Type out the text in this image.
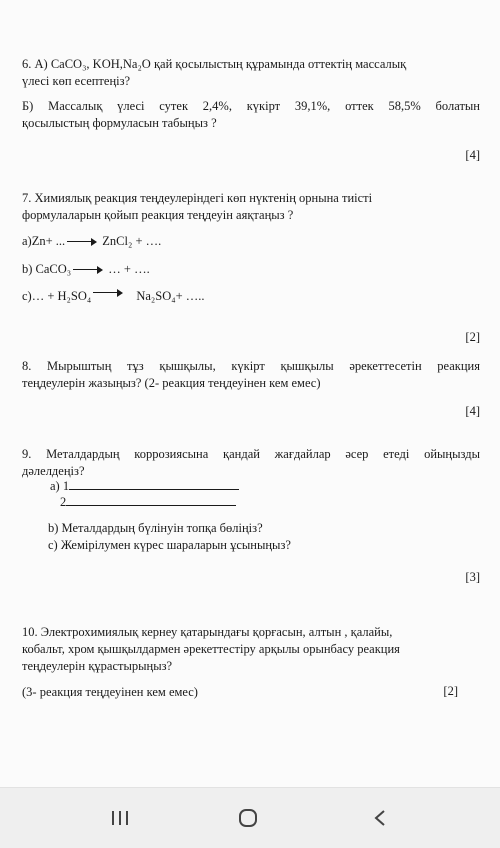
6. А) CaCO₃, KOH,Na₂O қай қосылыстың құрамында оттектің массалық
үлесі көп есептеңіз?
Б) Массалық үлесі сутек 2,4%, күкірт 39,1%, оттек 58,5% болатын
қосылыстың формуласын табыңыз ?
[4]
7. Химиялық реакция теңдеулеріндегі көп нүктенің орнына тиісті
формулаларын қойып реакция теңдеуін аяқтаңыз ?
a)Zn+ ...	ZnCl₂ + ….
b) CaCO₃	… + ….
c)… + H₂SO₄	Na₂SO₄+ …..
[2]
8. Мырыштың тұз қышқылы, күкірт қышқылы әрекеттесетін реакция
теңдеулерін жазыңыз? (2- реакция теңдеуінен кем емес)
[4]
9. Металдардың коррозиясына қандай жағдайлар әсер етеді ойыңызды
дәлелдеңіз?
a) 1
2
b) Металдардың бүлінуін топқа бөліңіз?
c) Жемірілумен күрес шараларын ұсыныңыз?
[3]
10. Электрохимиялық кернеу қатарындағы қорғасын, алтын , қалайы,
кобальт, хром қышқылдармен әрекеттестіру арқылы орынбасу реакция
теңдеулерін құрастырыңыз?
(3- реакция теңдеуінен кем емес)	[2]
